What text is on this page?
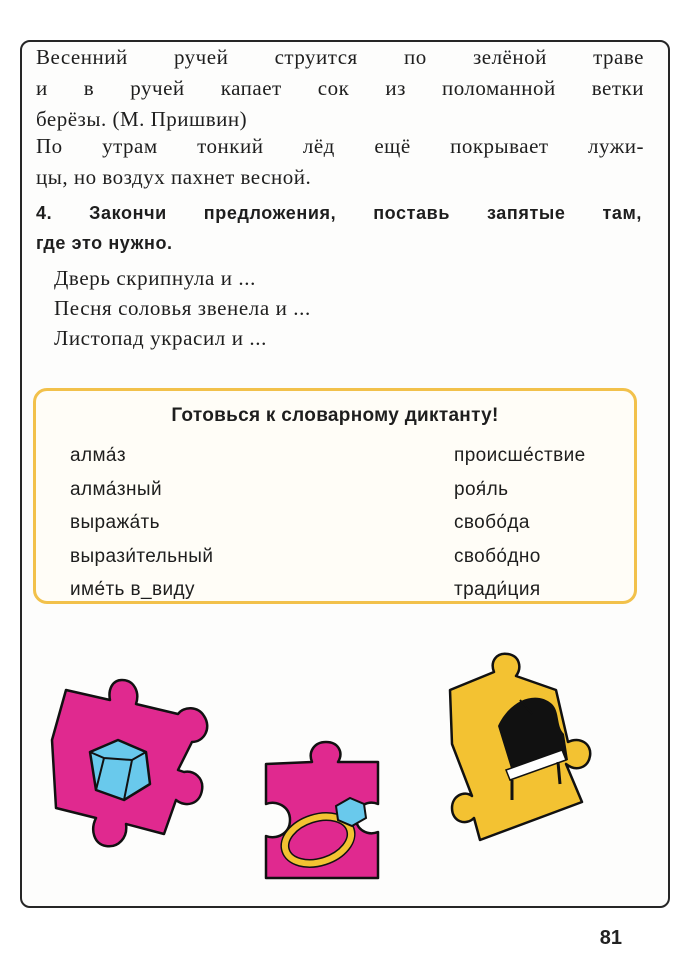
Весенний ручей струится по зелёной траве
и в ручей капает сок из поломанной ветки
берёзы. (М. Пришвин)
По утрам тонкий лёд ещё покрывает лужи-
цы, но воздух пахнет весной.
4. Закончи предложения, поставь запятые там,
где это нужно.
Дверь скрипнула и ...
Песня соловья звенела и ...
Листопад украсил и ...
Готовься к словарному диктанту!
алма́з
алма́зный
выража́ть
вырази́тельный
име́ть в_виду
происше́ствие
роя́ль
свобо́да
свобо́дно
тради́ция
81
